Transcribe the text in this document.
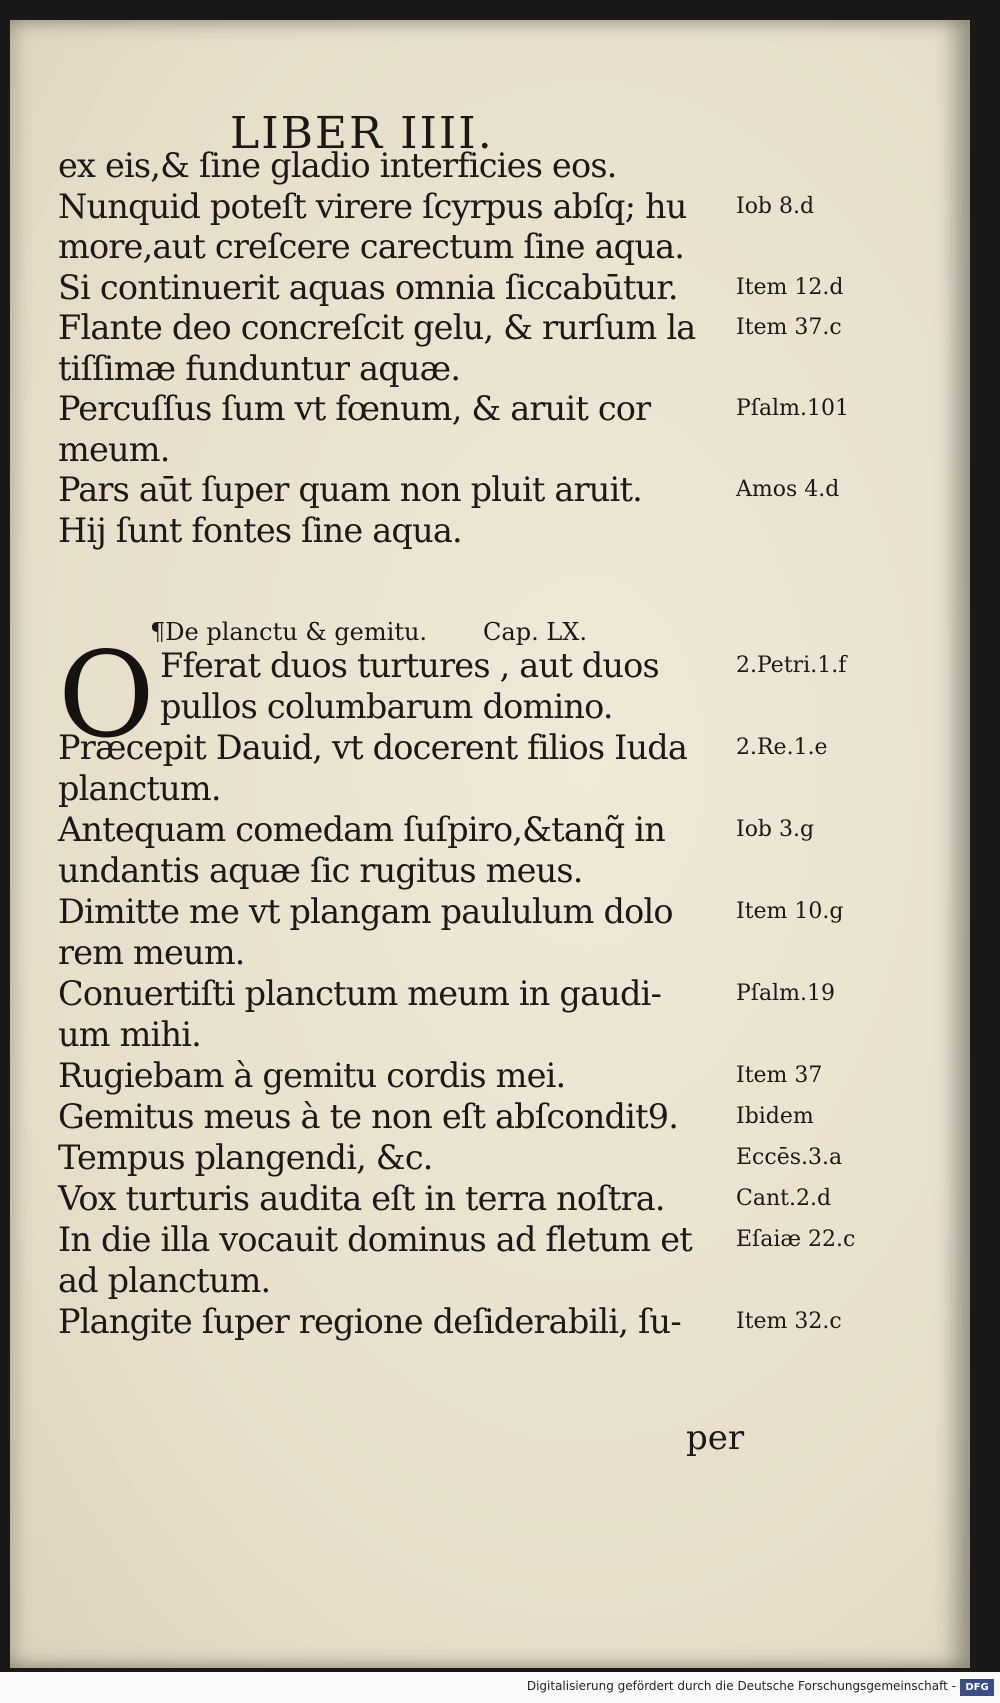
LIBER IIII.
ex eis,& ſine gladio interficies eos.
Nunquid poteſt virere ſcyrpus abſq; hu
more,aut creſcere carectum ſine aqua.
Si continuerit aquas omnia ſiccabūtur.
Flante deo concreſcit gelu, & rurſum la
tiſſimæ funduntur aquæ.
Percuſſus ſum vt fœnum, & aruit cor
meum.
Pars aūt ſuper quam non pluit aruit.
Hij ſunt fontes ſine aqua.
Iob 8.d
Item 12.d
Item 37.c
Pſalm.101
Amos 4.d
Fferat duos turtures , aut duos
pullos columbarum domino.
Præcepit Dauid, vt docerent filios Iuda
planctum.
Antequam comedam ſuſpiro,&tanq̃ in
undantis aquæ ſic rugitus meus.
Dimitte me vt plangam paululum dolo
rem meum.
Conuertiſti planctum meum in gaudi-
um mihi.
Rugiebam à gemitu cordis mei.
Gemitus meus à te non eſt abſcondit9.
Tempus plangendi, &c.
Vox turturis audita eſt in terra noſtra.
In die illa vocauit dominus ad fletum et
ad planctum.
Plangite ſuper regione deſiderabili, ſu-
2.Petri.1.f
2.Re.1.e
Iob 3.g
Item 10.g
Pſalm.19
Item 37
Ibidem
Eccēs.3.a
Cant.2.d
Eſaiæ 22.c
Item 32.c
¶De planctu & gemitu. Cap. LX.
O
per
Digitalisierung gefördert durch die Deutsche Forschungsgemeinschaft - DFG
